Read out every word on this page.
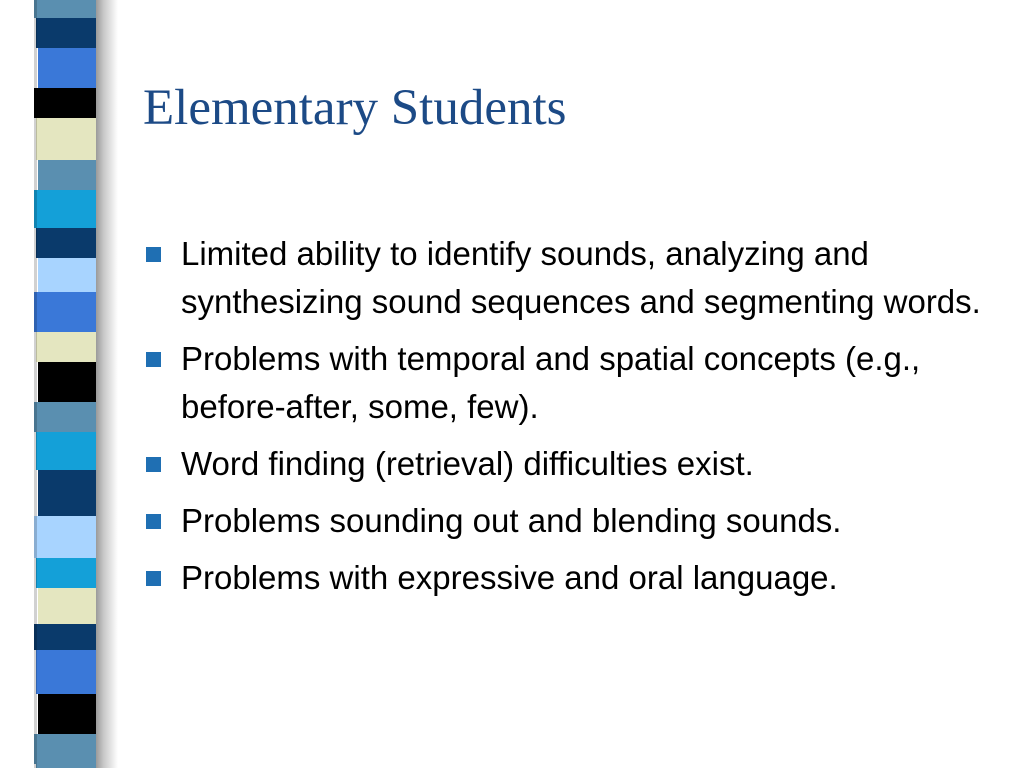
Elementary Students
Limited ability to identify sounds, analyzing and synthesizing sound sequences and segmenting words.
Problems with temporal and spatial concepts (e.g., before-after, some, few).
Word finding (retrieval) difficulties exist.
Problems sounding out and blending sounds.
Problems with expressive and oral language.
